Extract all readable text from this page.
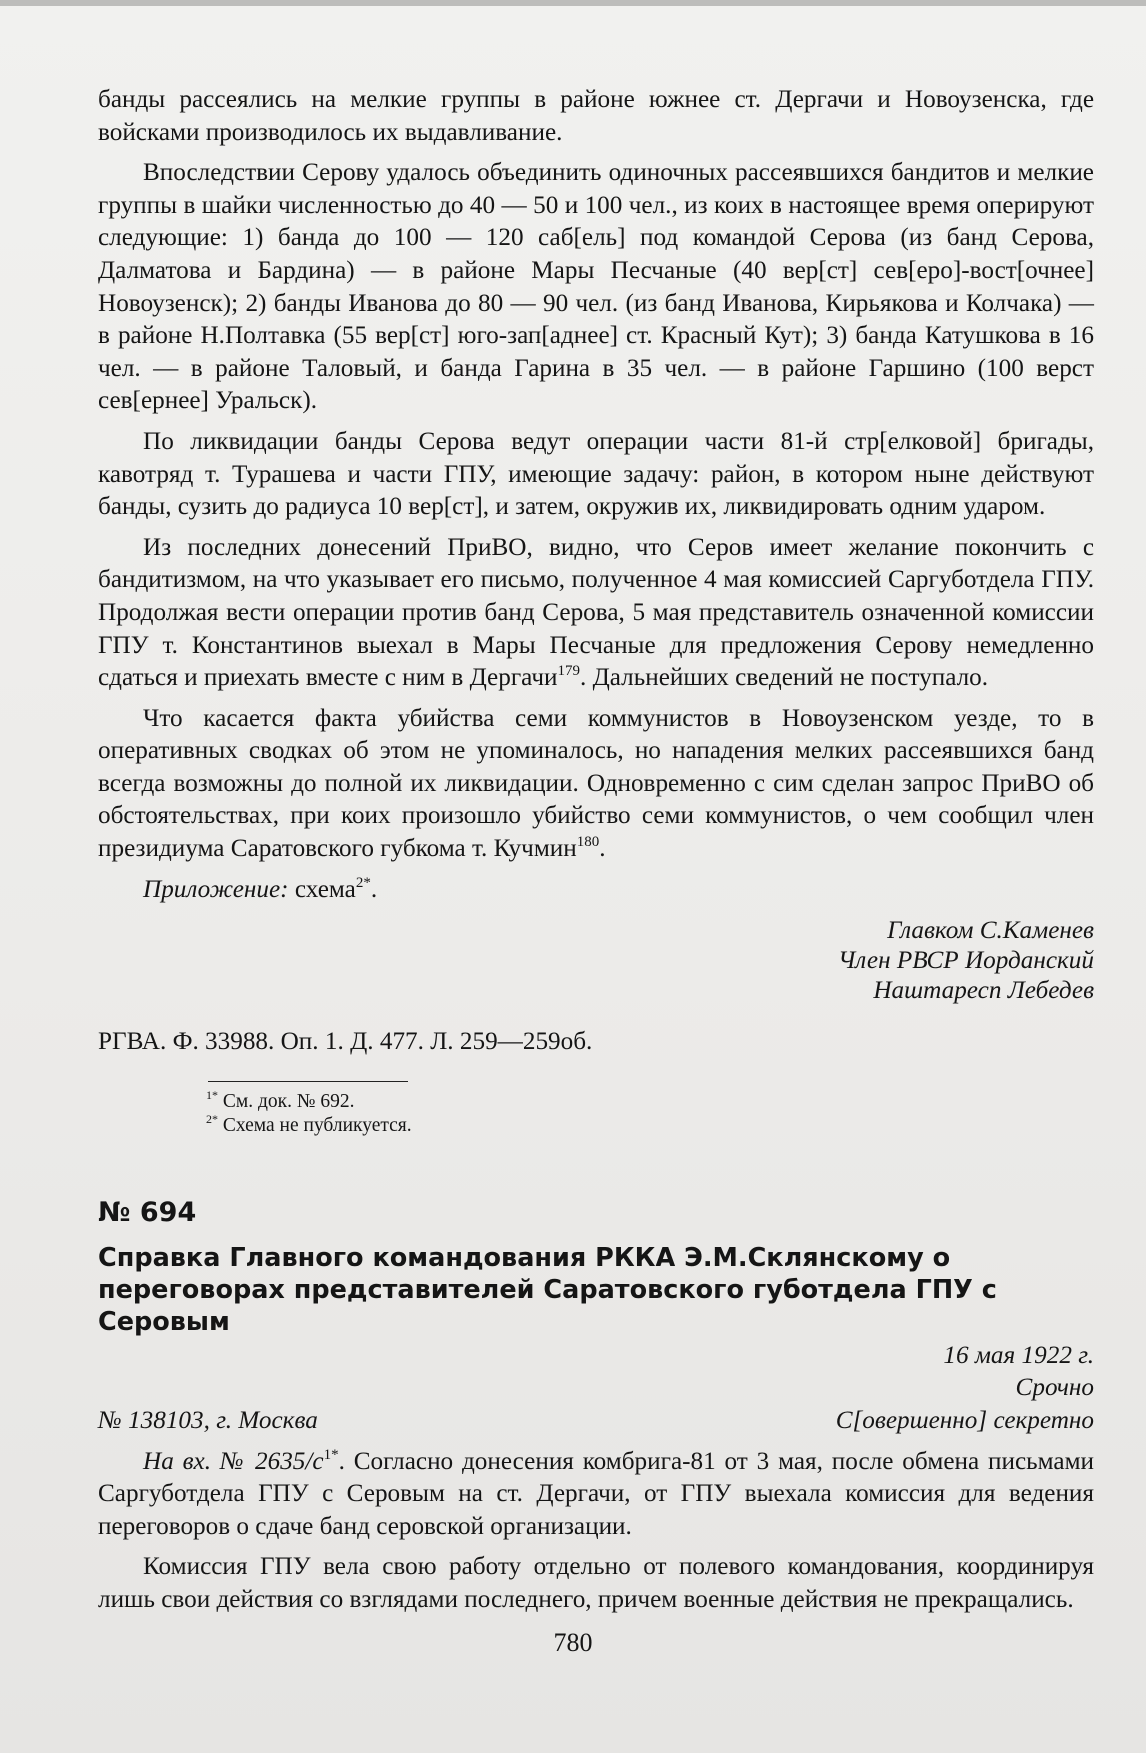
банды рассеялись на мелкие группы в районе южнее ст. Дергачи и Новоузенска, где войсками производилось их выдавливание.

Впоследствии Серову удалось объединить одиночных рассеявшихся бандитов и мелкие группы в шайки численностью до 40 — 50 и 100 чел., из коих в настоящее время оперируют следующие: 1) банда до 100 — 120 саб[ель] под командой Серова (из банд Серова, Далматова и Бардина) — в районе Мары Песчаные (40 вер[ст] сев[еро]-вост[очнее] Новоузенск); 2) банды Иванова до 80 — 90 чел. (из банд Иванова, Кирьякова и Колчака) — в районе Н.Полтавка (55 вер[ст] юго-зап[аднее] ст. Красный Кут); 3) банда Катушкова в 16 чел. — в районе Таловый, и банда Гарина в 35 чел. — в районе Гаршино (100 верст сев[ернее] Уральск).

По ликвидации банды Серова ведут операции части 81-й стр[елковой] бригады, кавотряд т. Турашева и части ГПУ, имеющие задачу: район, в котором ныне действуют банды, сузить до радиуса 10 вер[ст], и затем, окружив их, ликвидировать одним ударом.

Из последних донесений ПриВО, видно, что Серов имеет желание покончить с бандитизмом, на что указывает его письмо, полученное 4 мая комиссией Саргуботдела ГПУ. Продолжая вести операции против банд Серова, 5 мая представитель означенной комиссии ГПУ т. Константинов выехал в Мары Песчаные для предложения Серову немедленно сдаться и приехать вместе с ним в Дергачи$^{179}$. Дальнейших сведений не поступало.

Что касается факта убийства семи коммунистов в Новоузенском уезде, то в оперативных сводках об этом не упоминалось, но нападения мелких рассеявшихся банд всегда возможны до полной их ликвидации. Одновременно с сим сделан запрос ПриВО об обстоятельствах, при коих произошло убийство семи коммунистов, о чем сообщил член президиума Саратовского губкома т. Кучмин$^{180}$.

Приложение: схема$^{2*}$.

Главком С.Каменев
Член РВСР Иорданский
Наштаресп Лебедев

РГВА. Ф. 33988. Оп. 1. Д. 477. Л. 259—259об.

$^{1*}$ См. док. № 692.
$^{2*}$ Схема не публикуется.
№ 694
Справка Главного командования РККА Э.М.Склянскому о переговорах представителей Саратовского губотдела ГПУ с Серовым
16 мая 1922 г.
Срочно
№ 138103, г. Москва	С[овершенно] секретно

На вх. № $2635/с^{1*}$. Согласно донесения комбрига-81 от 3 мая, после обмена письмами Саргуботдела ГПУ с Серовым на ст. Дергачи, от ГПУ выехала комиссия для ведения переговоров о сдаче банд серовской организации.

Комиссия ГПУ вела свою работу отдельно от полевого командования, координируя лишь свои действия со взглядами последнего, причем военные действия не прекращались.

780
